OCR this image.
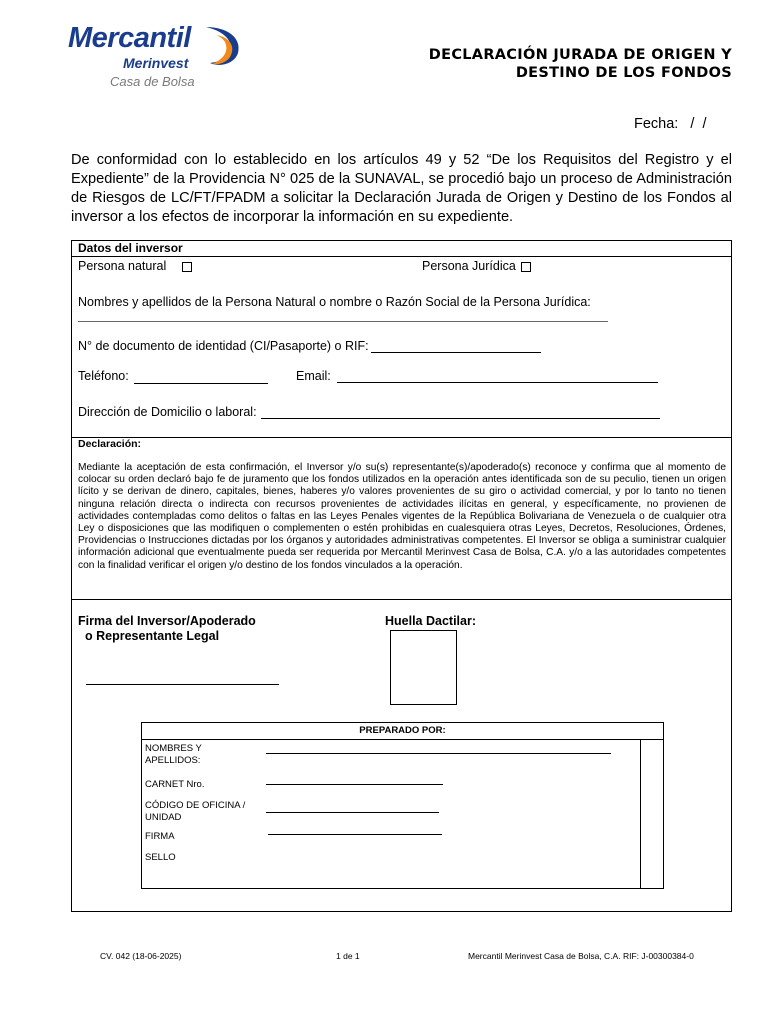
Mercantil
Merinvest
Casa de Bolsa
DECLARACIÓN JURADA DE ORIGEN Y
DESTINO DE LOS FONDOS
Fecha:   /  /
De conformidad con lo establecido en los artículos 49 y 52 “De los Requisitos del Registro y el Expediente” de la Providencia N° 025 de la SUNAVAL, se procedió bajo un proceso de Administración de Riesgos de LC/FT/FPADM a solicitar la Declaración Jurada de Origen y Destino de los Fondos al inversor a los efectos de incorporar la información en su expediente.
Datos del inversor
Persona natural	Persona Jurídica
Nombres y apellidos de la Persona Natural o nombre o Razón Social de la Persona Jurídica:
N° de documento de identidad (CI/Pasaporte) o RIF:
Teléfono:	Email:
Dirección de Domicilio o laboral:
Declaración:
Mediante la aceptación de esta confirmación, el Inversor y/o su(s) representante(s)/apoderado(s) reconoce y confirma que al momento de colocar su orden declaró bajo fe de juramento que los fondos utilizados en la operación antes identificada son de su peculio, tienen un origen lícito y se derivan de dinero, capitales, bienes, haberes y/o valores provenientes de su giro o actividad comercial, y por lo tanto no tienen ninguna relación directa o indirecta con recursos provenientes de actividades ilícitas en general, y específicamente, no provienen de actividades contempladas como delitos o faltas en las Leyes Penales vigentes de la República Bolivariana de Venezuela o de cualquier otra Ley o disposiciones que las modifiquen o complementen o estén prohibidas en cualesquiera otras Leyes, Decretos, Resoluciones, Órdenes, Providencias o Instrucciones dictadas por los órganos y autoridades administrativas competentes. El Inversor se obliga a suministrar cualquier información adicional que eventualmente pueda ser requerida por Mercantil Merinvest Casa de Bolsa, C.A. y/o a las autoridades competentes con la finalidad verificar el origen y/o destino de los fondos vinculados a la operación.
Firma del Inversor/Apoderado
o Representante Legal
Huella Dactilar:
PREPARADO POR:
NOMBRES Y
APELLIDOS:
CARNET Nro.
CÓDIGO DE OFICINA /
UNIDAD
FIRMA
SELLO
CV. 042 (18-06-2025)	1 de 1	Mercantil Merinvest Casa de Bolsa, C.A. RIF: J-00300384-0
